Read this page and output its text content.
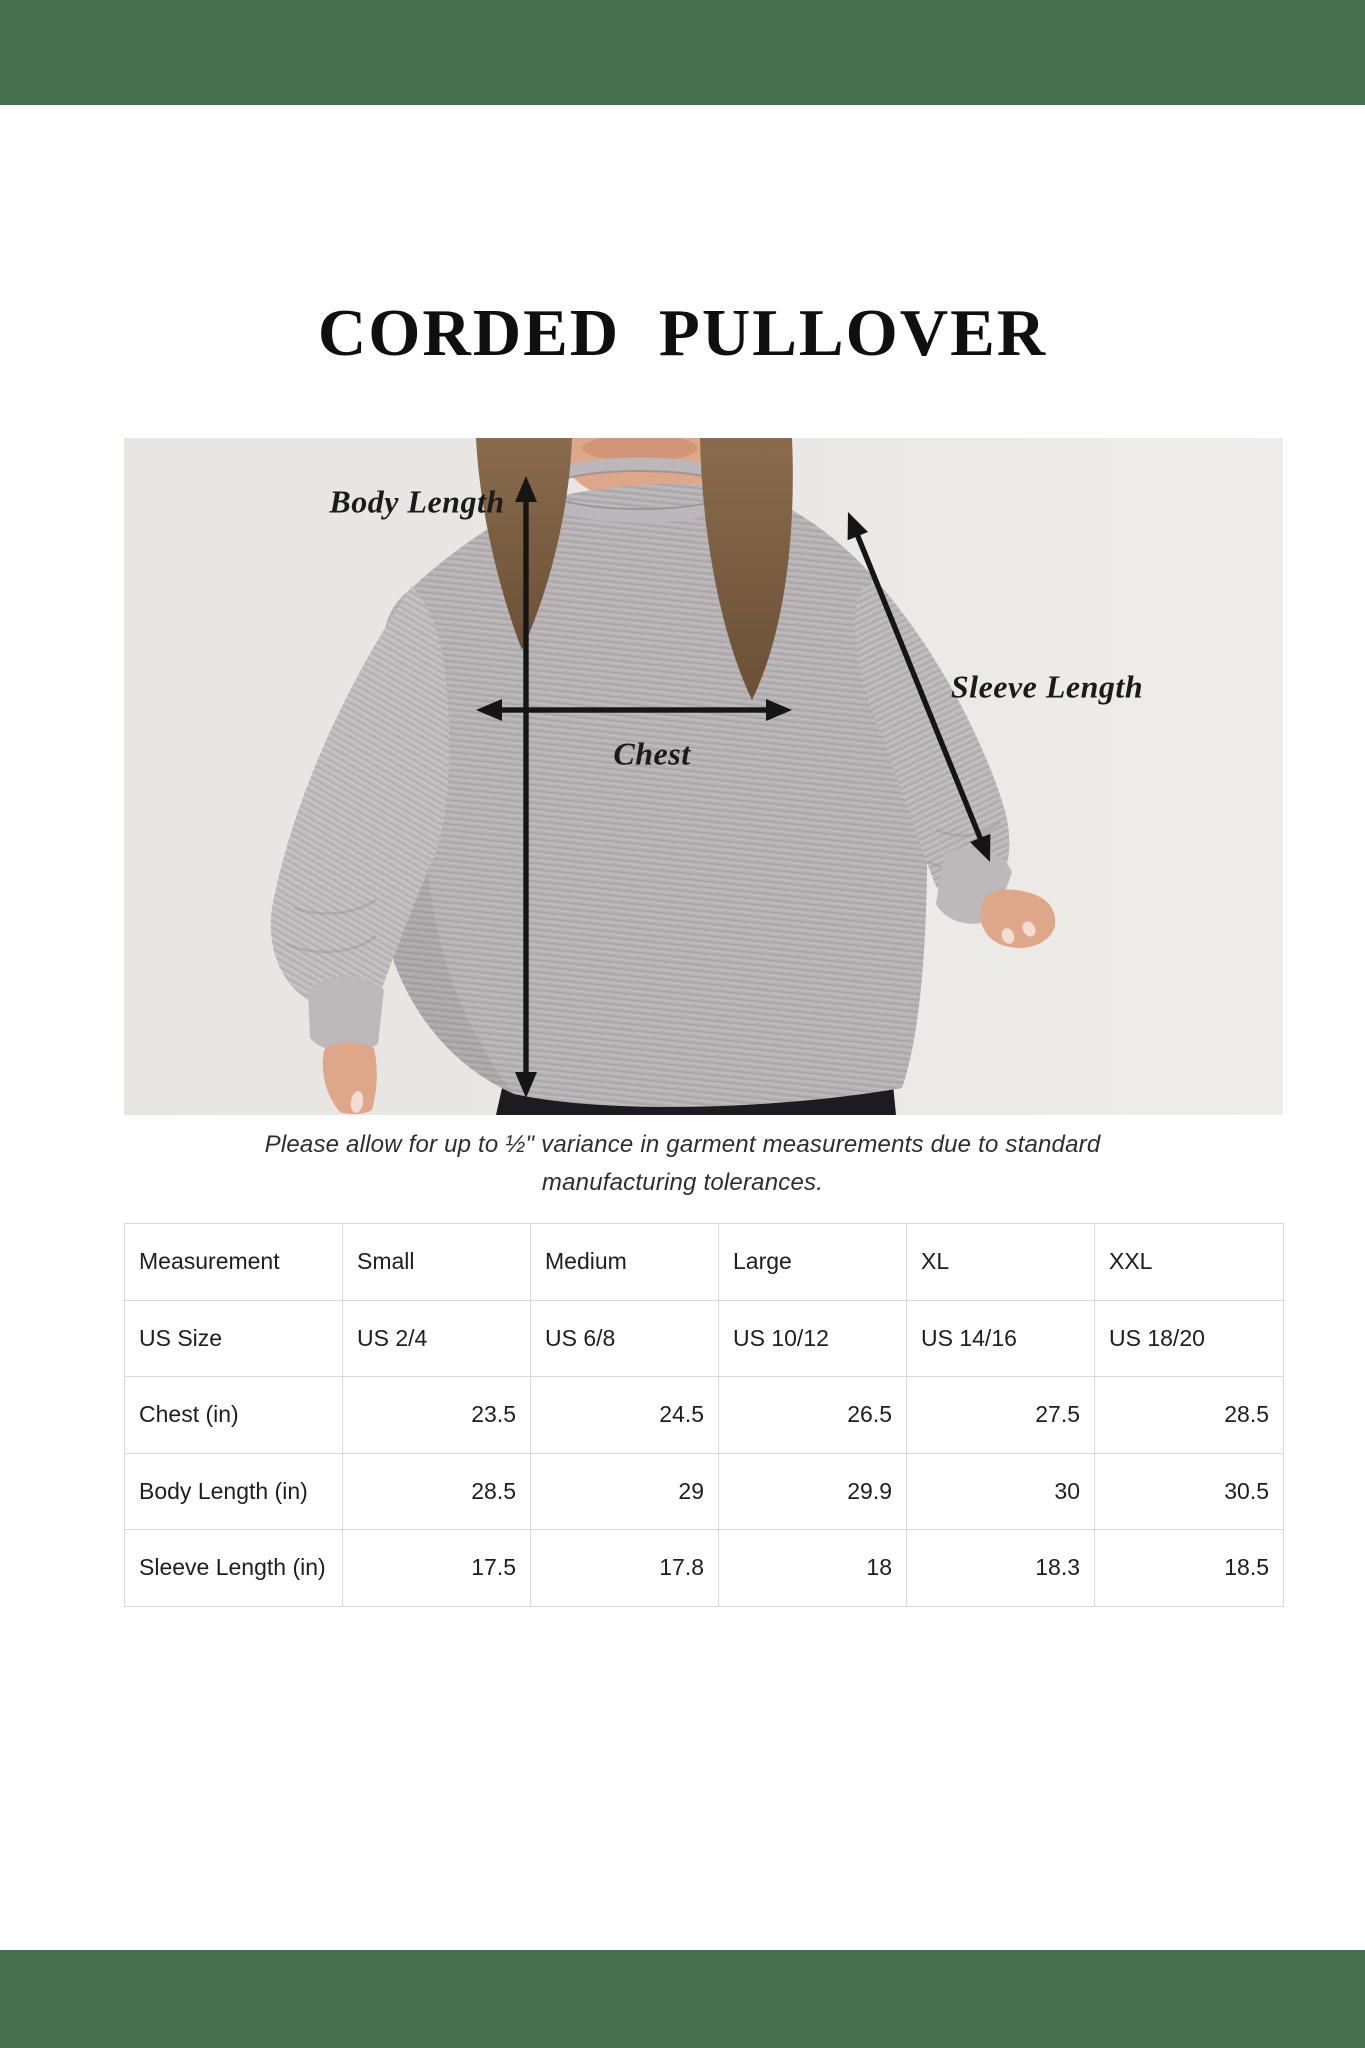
CORDED PULLOVER
Body Length
Chest
Sleeve Length
Please allow for up to ½" variance in garment measurements due to standard
manufacturing tolerances.
Measurement	Small	Medium	Large	XL	XXL
US Size	US 2/4	US 6/8	US 10/12	US 14/16	US 18/20
Chest (in)	23.5	24.5	26.5	27.5	28.5
Body Length (in)	28.5	29	29.9	30	30.5
Sleeve Length (in)	17.5	17.8	18	18.3	18.5
